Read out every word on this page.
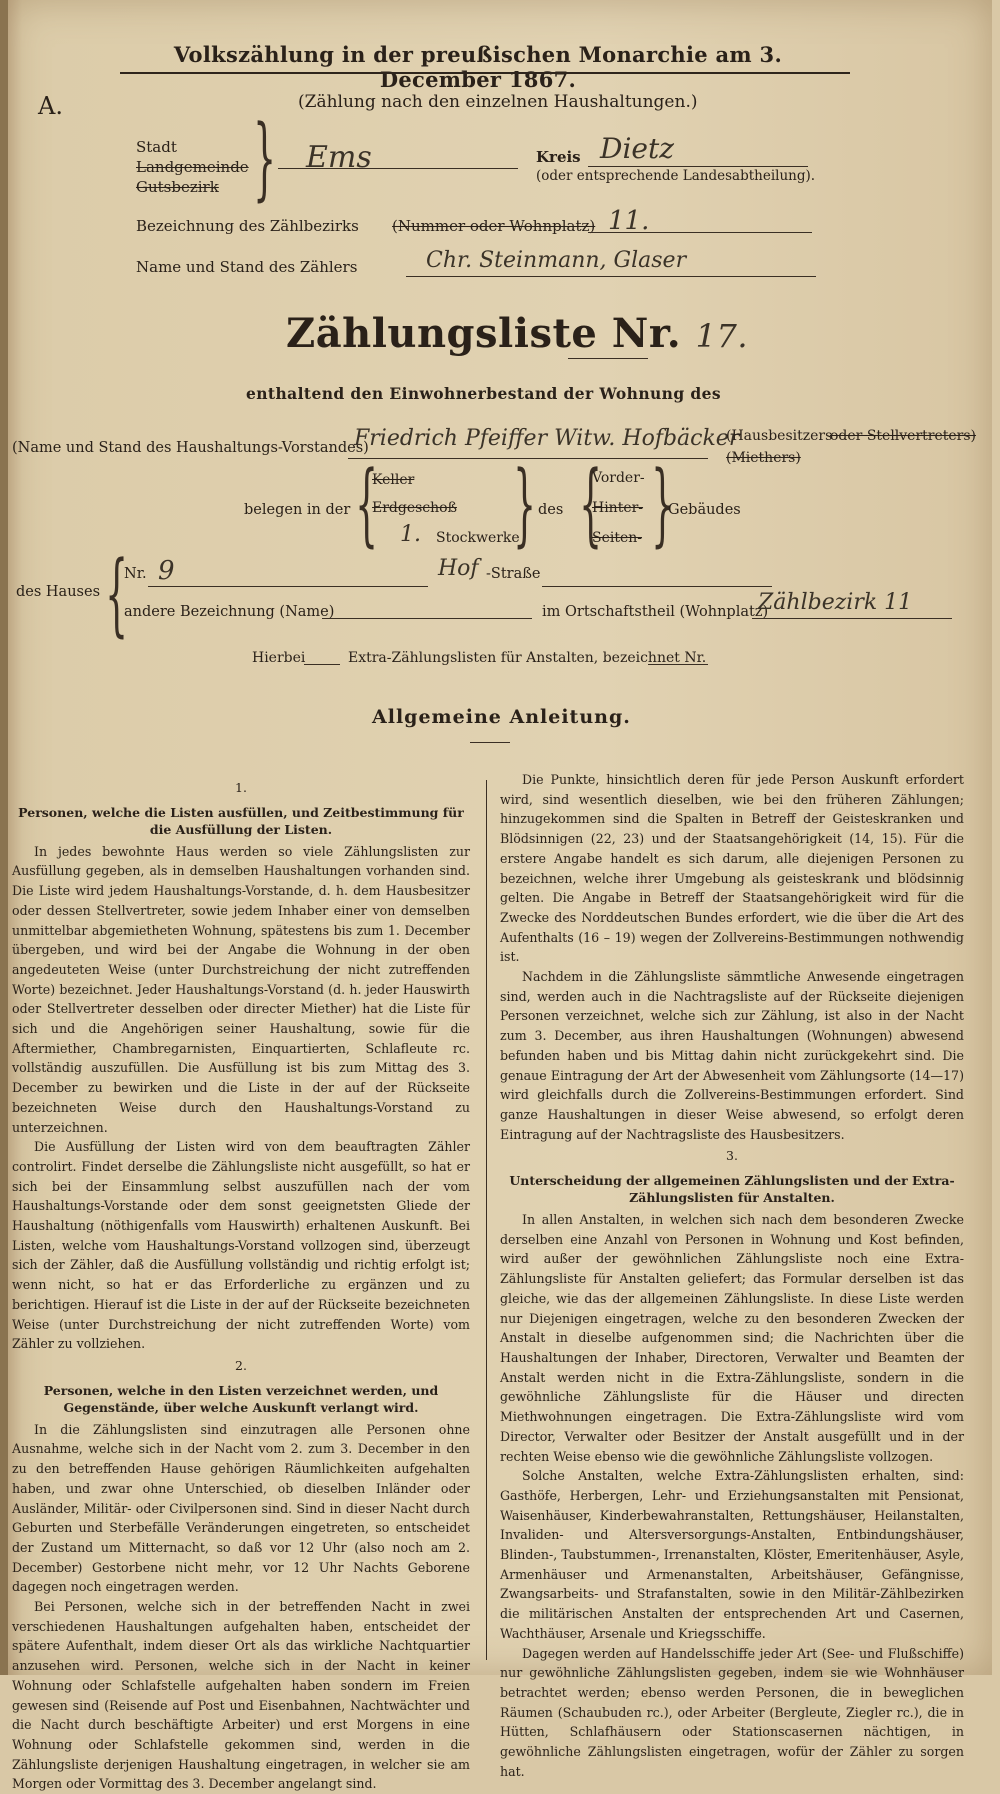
Volkszählung in der preußischen Monarchie am 3. December 1867.
A.	(Zählung nach den einzelnen Haushaltungen.)
Stadt
Landgemeinde
Gutsbezirk } Ems	Kreis Dietz
(oder entsprechende Landesabtheilung).
Bezeichnung des Zählbezirks (Nummer oder Wohnplatz) 11.
Name und Stand des Zählers	Chr. Steinmann, Glaser
Zählungsliste Nr. 17.
enthaltend den Einwohnerbestand der Wohnung des
(Name und Stand des Haushaltungs-Vorstandes)
Friedrich Pfeiffer Witw. Hofbäcker
(Hausbesitzers
oder Stellvertreters)
(Miethers)
belegen in der {
Keller
Erdgeschoß
1. Stockwerke
} des {
Vorder-
Hinter-
Seiten- }
Gebäudes
des Hauses {
Nr. 9	Hof -Straße
andere Bezeichnung (Name)	im Ortschaftstheil (Wohnplatz)
Zählbezirk 11
Hierbei	Extra-Zählungslisten für Anstalten, bezeichnet Nr.
Allgemeine Anleitung.
1.
Personen, welche die Listen ausfüllen, und Zeitbestimmung für die Ausfüllung der Listen.

In jedes bewohnte Haus werden so viele Zählungslisten zur Ausfüllung gegeben, als in demselben Haushaltungen vorhanden sind. Die Liste wird jedem Haushaltungs-Vorstande, d. h. dem Hausbesitzer oder dessen Stellvertreter, sowie jedem Inhaber einer von demselben unmittelbar abgemietheten Wohnung, spätestens bis zum 1. December übergeben, und wird bei der Angabe die Wohnung in der oben angedeuteten Weise (unter Durchstreichung der nicht zutreffenden Worte) bezeichnet. Jeder Haushaltungs-Vorstand (d. h. jeder Hauswirth oder Stellvertreter desselben oder directer Miether) hat die Liste für sich und die Angehörigen seiner Haushaltung, sowie für die Aftermiether, Chambregarnisten, Einquartierten, Schlafleute rc. vollständig auszufüllen. Die Ausfüllung ist bis zum Mittag des 3. December zu bewirken und die Liste in der auf der Rückseite bezeichneten Weise durch den Haushaltungs-Vorstand zu unterzeichnen.

Die Ausfüllung der Listen wird von dem beauftragten Zähler controlirt. Findet derselbe die Zählungsliste nicht ausgefüllt, so hat er sich bei der Einsammlung selbst auszufüllen nach der vom Haushaltungs-Vorstande oder dem sonst geeignetsten Gliede der Haushaltung (nöthigenfalls vom Hauswirth) erhaltenen Auskunft. Bei Listen, welche vom Haushaltungs-Vorstand vollzogen sind, überzeugt sich der Zähler, daß die Ausfüllung vollständig und richtig erfolgt ist; wenn nicht, so hat er das Erforderliche zu ergänzen und zu berichtigen. Hierauf ist die Liste in der auf der Rückseite bezeichneten Weise (unter Durchstreichung der nicht zutreffenden Worte) vom Zähler zu vollziehen.

2.
Personen, welche in den Listen verzeichnet werden, und Gegenstände, über welche Auskunft verlangt wird.

In die Zählungslisten sind einzutragen alle Personen ohne Ausnahme, welche sich in der Nacht vom 2. zum 3. December in den zu den betreffenden Hause gehörigen Räumlichkeiten aufgehalten haben, und zwar ohne Unterschied, ob dieselben Inländer oder Ausländer, Militär- oder Civilpersonen sind. Sind in dieser Nacht durch Geburten und Sterbefälle Veränderungen eingetreten, so entscheidet der Zustand um Mitternacht, so daß vor 12 Uhr (also noch am 2. December) Gestorbene nicht mehr, vor 12 Uhr Nachts Geborene dagegen noch eingetragen werden.

Bei Personen, welche sich in der betreffenden Nacht in zwei verschiedenen Haushaltungen aufgehalten haben, entscheidet der spätere Aufenthalt, indem dieser Ort als das wirkliche Nachtquartier anzusehen wird. Personen, welche sich in der Nacht in keiner Wohnung oder Schlafstelle aufgehalten haben sondern im Freien gewesen sind (Reisende auf Post und Eisenbahnen, Nachtwächter und die Nacht durch beschäftigte Arbeiter) und erst Morgens in eine Wohnung oder Schlafstelle gekommen sind, werden in die Zählungsliste derjenigen Haushaltung eingetragen, in welcher sie am Morgen oder Vormittag des 3. December angelangt sind.

Die Punkte, hinsichtlich deren für jede Person Auskunft erfordert wird, sind wesentlich dieselben, wie bei den früheren Zählungen; hinzugekommen sind die Spalten in Betreff der Geisteskranken und Blödsinnigen (22, 23) und der Staatsangehörigkeit (14, 15). Für die erstere Angabe handelt es sich darum, alle diejenigen Personen zu bezeichnen, welche ihrer Umgebung als geisteskrank und blödsinnig gelten. Die Angabe in Betreff der Staatsangehörigkeit wird für die Zwecke des Norddeutschen Bundes erfordert, wie die über die Art des Aufenthalts (16 – 19) wegen der Zollvereins-Bestimmungen nothwendig ist.

Nachdem in die Zählungsliste sämmtliche Anwesende eingetragen sind, werden auch in die Nachtragsliste auf der Rückseite diejenigen Personen verzeichnet, welche sich zur Zählung, ist also in der Nacht zum 3. December, aus ihren Haushaltungen (Wohnungen) abwesend befunden haben und bis Mittag dahin nicht zurückgekehrt sind. Die genaue Eintragung der Art der Abwesenheit vom Zählungsorte (14—17) wird gleichfalls durch die Zollvereins-Bestimmungen erfordert. Sind ganze Haushaltungen in dieser Weise abwesend, so erfolgt deren Eintragung auf der Nachtragsliste des Hausbesitzers.

3.
Unterscheidung der allgemeinen Zählungslisten und der Extra-Zählungslisten für Anstalten.

In allen Anstalten, in welchen sich nach dem besonderen Zwecke derselben eine Anzahl von Personen in Wohnung und Kost befinden, wird außer der gewöhnlichen Zählungsliste noch eine Extra-Zählungsliste für Anstalten geliefert; das Formular derselben ist das gleiche, wie das der allgemeinen Zählungsliste. In diese Liste werden nur Diejenigen eingetragen, welche zu den besonderen Zwecken der Anstalt in dieselbe aufgenommen sind; die Nachrichten über die Haushaltungen der Inhaber, Directoren, Verwalter und Beamten der Anstalt werden nicht in die Extra-Zählungsliste, sondern in die gewöhnliche Zählungsliste für die Häuser und directen Miethwohnungen eingetragen. Die Extra-Zählungsliste wird vom Director, Verwalter oder Besitzer der Anstalt ausgefüllt und in der rechten Weise ebenso wie die gewöhnliche Zählungsliste vollzogen.

Solche Anstalten, welche Extra-Zählungslisten erhalten, sind: Gasthöfe, Herbergen, Lehr- und Erziehungsanstalten mit Pensionat, Waisenhäuser, Kinderbewahranstalten, Rettungshäuser, Heilanstalten, Invaliden- und Altersversorgungs-Anstalten, Entbindungshäuser, Blinden-, Taubstummen-, Irrenanstalten, Klöster, Emeritenhäuser, Asyle, Armenhäuser und Armenanstalten, Arbeitshäuser, Gefängnisse, Zwangsarbeits- und Strafanstalten, sowie in den Militär-Zählbezirken die militärischen Anstalten der entsprechenden Art und Casernen, Wachthäuser, Arsenale und Kriegsschiffe.

Dagegen werden auf Handelsschiffe jeder Art (See- und Flußschiffe) nur gewöhnliche Zählungslisten gegeben, indem sie wie Wohnhäuser betrachtet werden; ebenso werden Personen, die in beweglichen Räumen (Schaubuden rc.), oder Arbeiter (Bergleute, Ziegler rc.), die in Hütten, Schlafhäusern oder Stationscasernen nächtigen, in gewöhnliche Zählungslisten eingetragen, wofür der Zähler zu sorgen hat.
